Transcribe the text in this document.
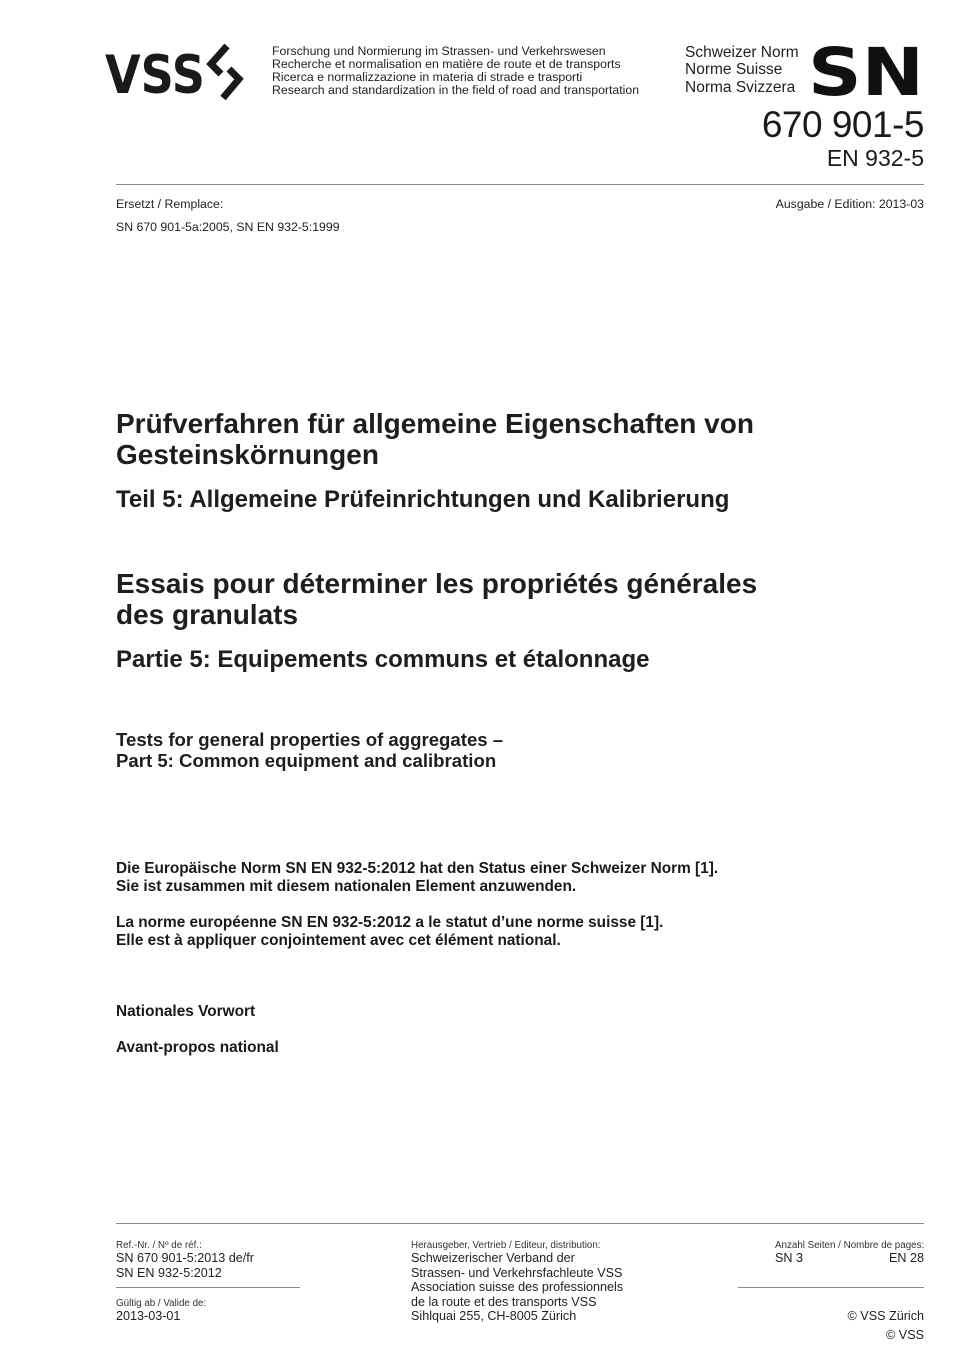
VSS	Forschung und Normierung im Strassen- und Verkehrswesen
Recherche et normalisation en matière de route et de transports
Ricerca e normalizzazione in materia di strade e trasporti
Research and standardization in the field of road and transportation
Schweizer Norm
Norme Suisse
Norma Svizzera SN
670 901-5
EN 932-5
Ersetzt / Remplace:
SN 670 901-5a:2005, SN EN 932-5:1999
Ausgabe / Edition: 2013-03
Prüfverfahren für allgemeine Eigenschaften von
Gesteinskörnungen
Teil 5: Allgemeine Prüfeinrichtungen und Kalibrierung
Essais pour déterminer les propriétés générales
des granulats
Partie 5: Equipements communs et étalonnage
Tests for general properties of aggregates –
Part 5: Common equipment and calibration
Die Europäische Norm SN EN 932-5:2012 hat den Status einer Schweizer Norm [1].
Sie ist zusammen mit diesem nationalen Element anzuwenden.
La norme européenne SN EN 932-5:2012 a le statut d’une norme suisse [1].
Elle est à appliquer conjointement avec cet élément national.
Nationales Vorwort
Avant-propos national
Ref.-Nr. / Nº de réf.:
SN 670 901-5:2013 de/fr
SN EN 932-5:2012
Gültig ab / Valide de:
2013-03-01
Herausgeber, Vertrieb / Editeur, distribution:
Schweizerischer Verband der
Strassen- und Verkehrsfachleute VSS
Association suisse des professionnels
de la route et des transports VSS
Sihlquai 255, CH-8005 Zürich
Anzahl Seiten / Nombre de pages:
SN 3	EN 28
© VSS Zürich
© VSS
